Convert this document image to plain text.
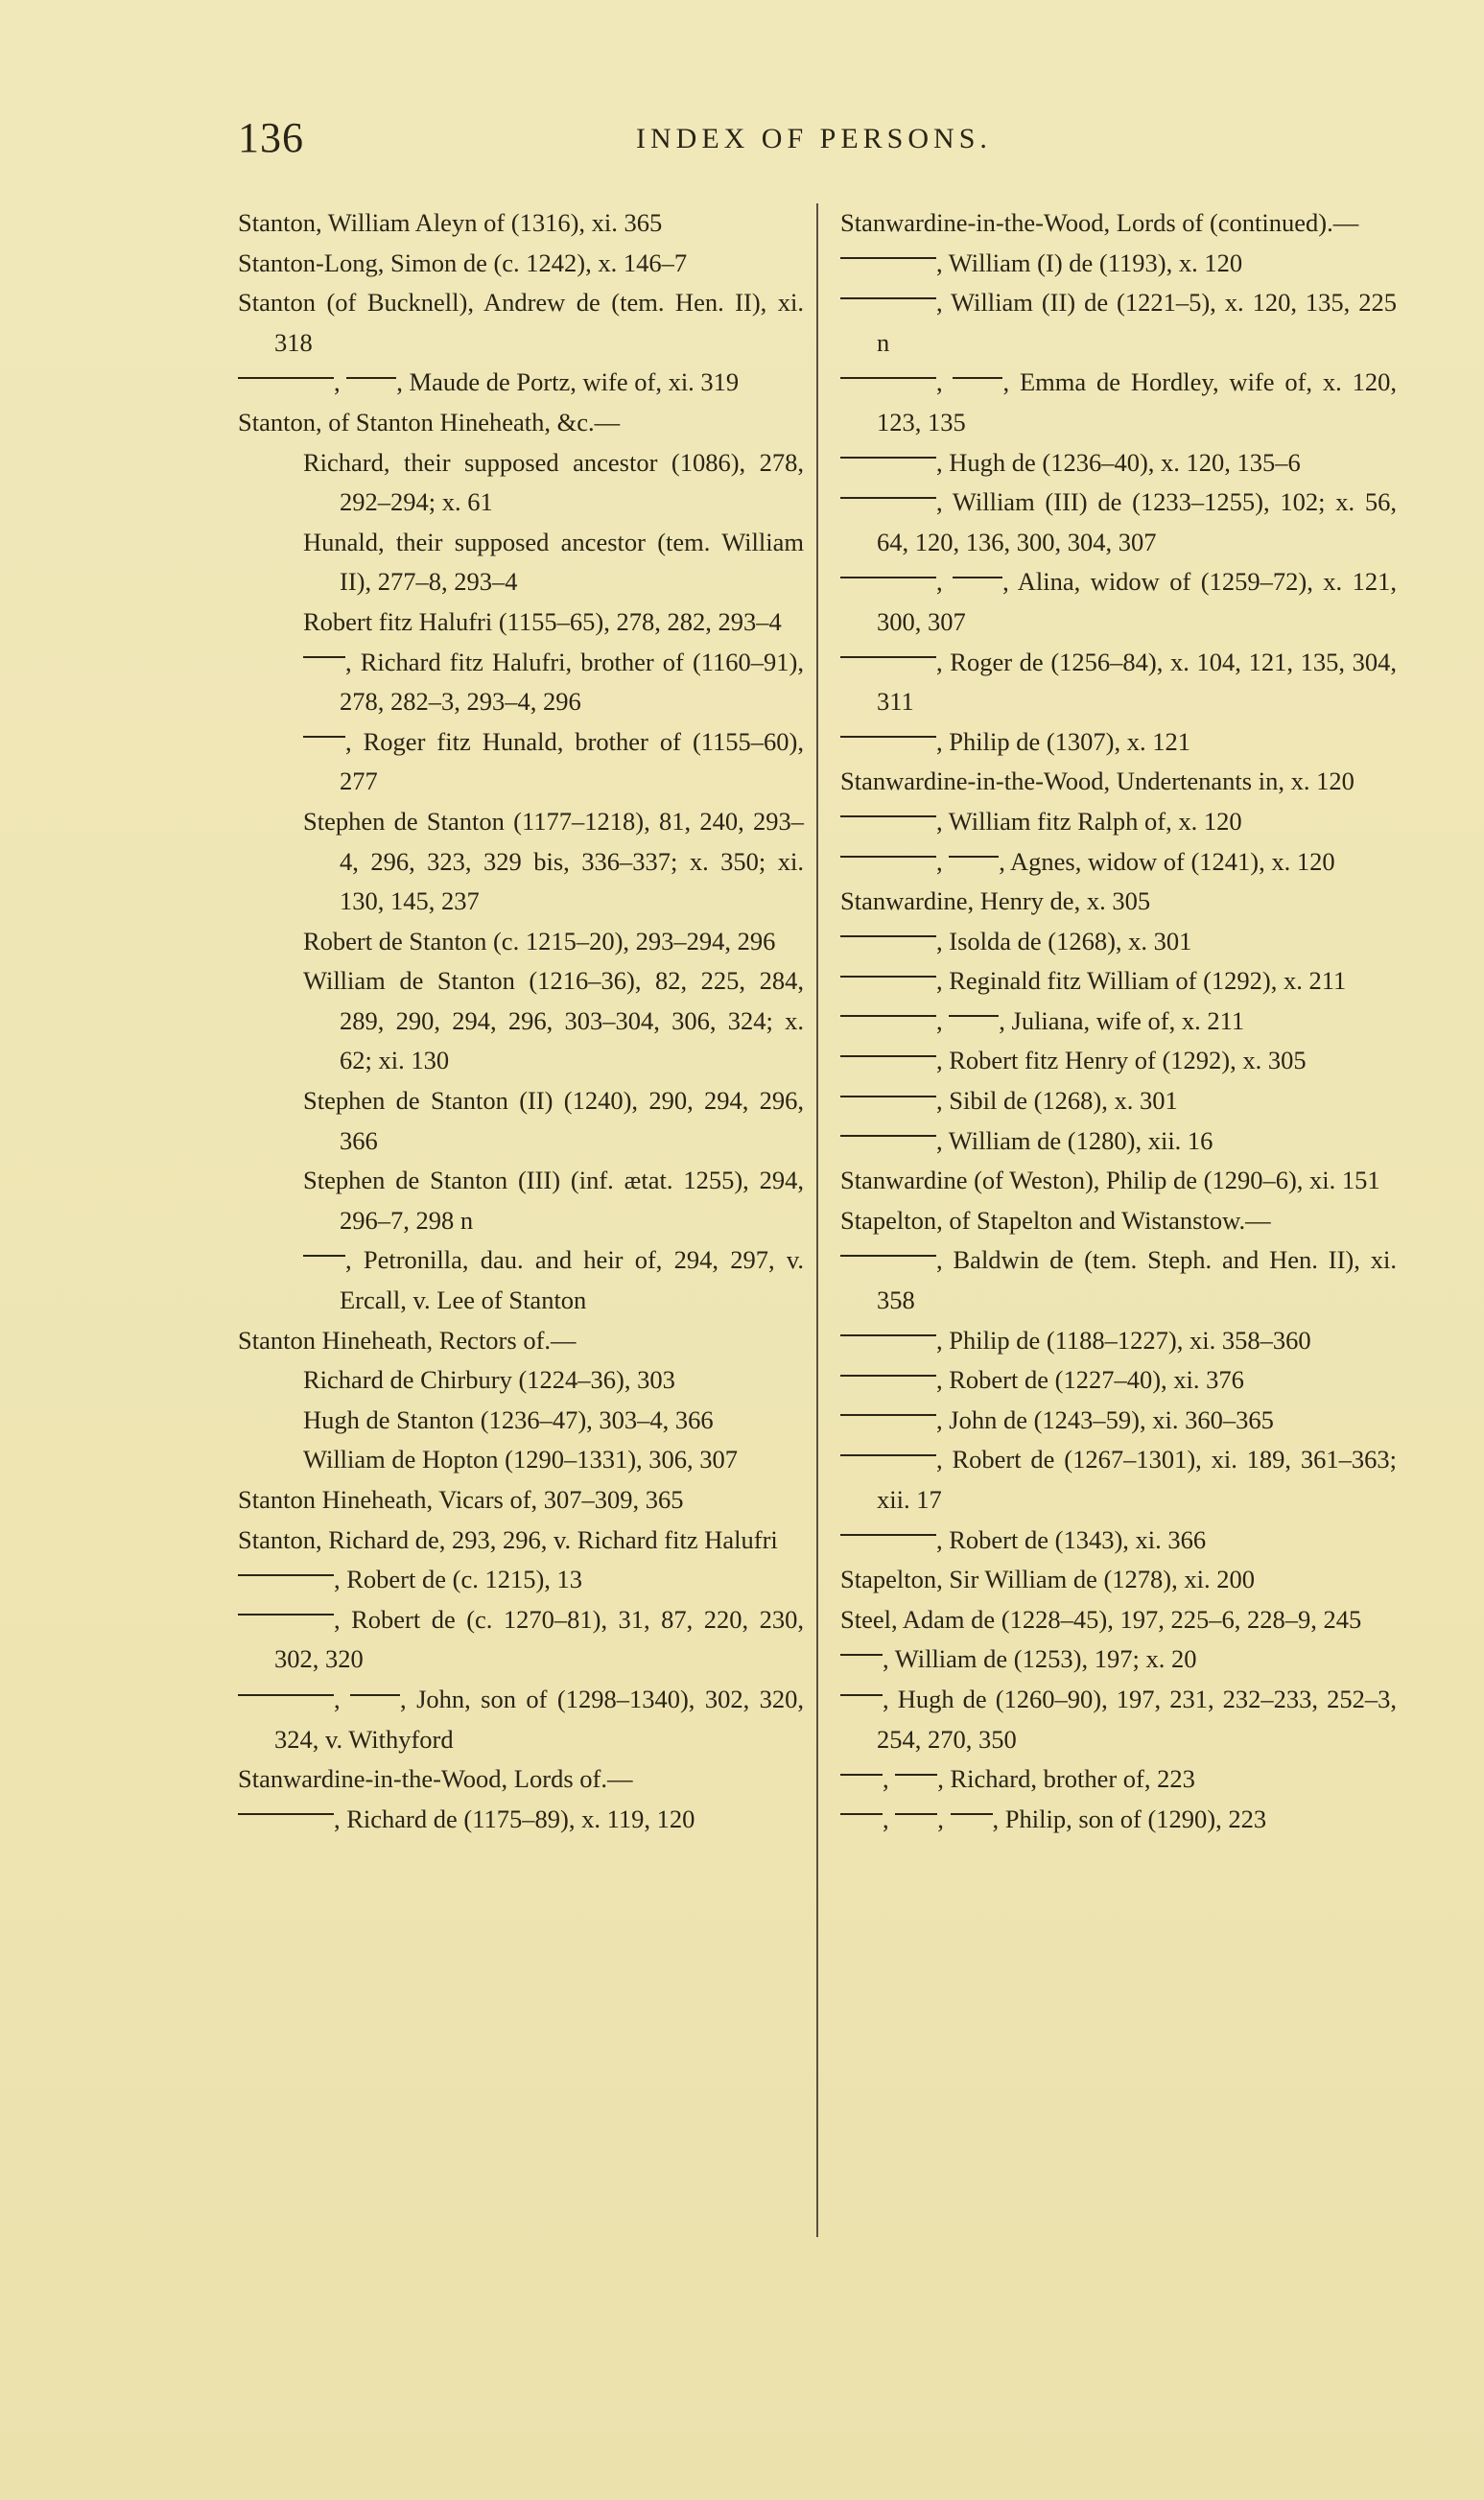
136	INDEX OF PERSONS.
Stanton, William Aleyn of (1316), xi. 365
Stanton-Long, Simon de (c. 1242), x. 146–7
Stanton (of Bucknell), Andrew de (tem. Hen. II), xi. 318
, , Maude de Portz, wife of, xi. 319
Stanton, of Stanton Hineheath, &c.—
Richard, their supposed ancestor (1086), 278, 292–294; x. 61
Hunald, their supposed ancestor (tem. William II), 277–8, 293–4
Robert fitz Halufri (1155–65), 278, 282, 293–4
, Richard fitz Halufri, brother of (1160–91), 278, 282–3, 293–4, 296
, Roger fitz Hunald, brother of (1155–60), 277
Stephen de Stanton (1177–1218), 81, 240, 293–4, 296, 323, 329 bis, 336–337; x. 350; xi. 130, 145, 237
Robert de Stanton (c. 1215–20), 293–294, 296
William de Stanton (1216–36), 82, 225, 284, 289, 290, 294, 296, 303–304, 306, 324; x. 62; xi. 130
Stephen de Stanton (II) (1240), 290, 294, 296, 366
Stephen de Stanton (III) (inf. ætat. 1255), 294, 296–7, 298 n
, Petronilla, dau. and heir of, 294, 297, v. Ercall, v. Lee of Stanton
Stanton Hineheath, Rectors of.—
Richard de Chirbury (1224–36), 303
Hugh de Stanton (1236–47), 303–4, 366
William de Hopton (1290–1331), 306, 307
Stanton Hineheath, Vicars of, 307–309, 365
Stanton, Richard de, 293, 296, v. Richard fitz Halufri
, Robert de (c. 1215), 13
, Robert de (c. 1270–81), 31, 87, 220, 230, 302, 320
, , John, son of (1298–1340), 302, 320, 324, v. Withyford
Stanwardine-in-the-Wood, Lords of.—
, Richard de (1175–89), x. 119, 120
Stanwardine-in-the-Wood, Lords of (continued).—
, William (I) de (1193), x. 120
, William (II) de (1221–5), x. 120, 135, 225 n
, , Emma de Hordley, wife of, x. 120, 123, 135
, Hugh de (1236–40), x. 120, 135–6
, William (III) de (1233–1255), 102; x. 56, 64, 120, 136, 300, 304, 307
, , Alina, widow of (1259–72), x. 121, 300, 307
, Roger de (1256–84), x. 104, 121, 135, 304, 311
, Philip de (1307), x. 121
Stanwardine-in-the-Wood, Undertenants in, x. 120
, William fitz Ralph of, x. 120
, , Agnes, widow of (1241), x. 120
Stanwardine, Henry de, x. 305
, Isolda de (1268), x. 301
, Reginald fitz William of (1292), x. 211
, , Juliana, wife of, x. 211
, Robert fitz Henry of (1292), x. 305
, Sibil de (1268), x. 301
, William de (1280), xii. 16
Stanwardine (of Weston), Philip de (1290–6), xi. 151
Stapelton, of Stapelton and Wistanstow.—
, Baldwin de (tem. Steph. and Hen. II), xi. 358
, Philip de (1188–1227), xi. 358–360
, Robert de (1227–40), xi. 376
, John de (1243–59), xi. 360–365
, Robert de (1267–1301), xi. 189, 361–363; xii. 17
, Robert de (1343), xi. 366
Stapelton, Sir William de (1278), xi. 200
Steel, Adam de (1228–45), 197, 225–6, 228–9, 245
, William de (1253), 197; x. 20
, Hugh de (1260–90), 197, 231, 232–233, 252–3, 254, 270, 350
, , Richard, brother of, 223
, , , Philip, son of (1290), 223
